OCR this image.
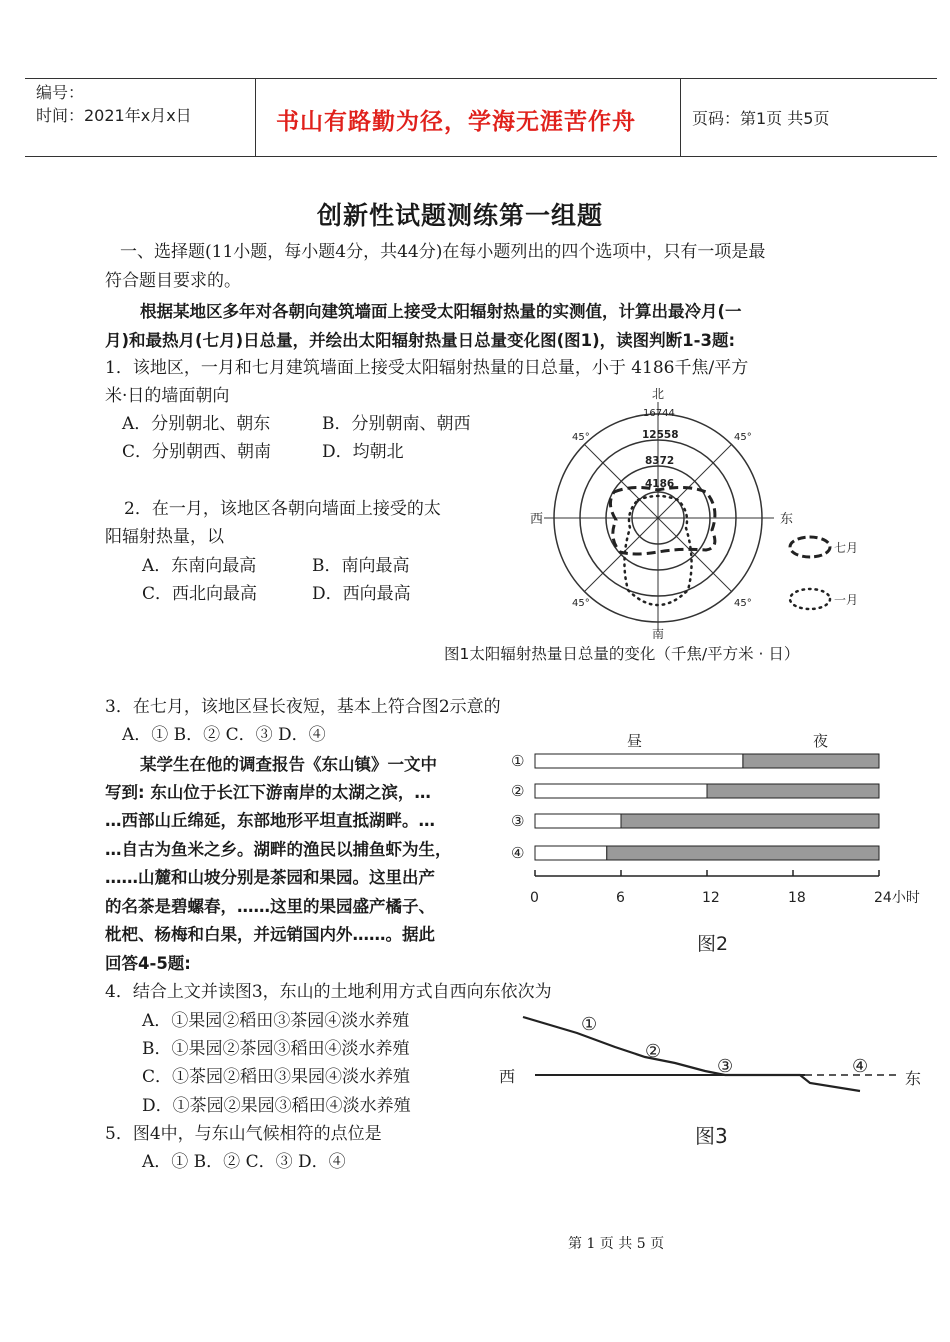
编号：
时间：2021年x月x日	书山有路勤为径，学海无涯苦作舟	页码：第1页 共5页
创新性试题测练第一组题
一、选择题(11小题，每小题4分，共44分)在每小题列出的四个选项中，只有一项是最
符合题目要求的。
根据某地区多年对各朝向建筑墙面上接受太阳辐射热量的实测值，计算出最冷月(一
月)和最热月(七月)日总量，并绘出太阳辐射热量日总量变化图(图1)，读图判断1-3题:
1．该地区，一月和七月建筑墙面上接受太阳辐射热量的日总量，小于 4186千焦/平方
米·日的墙面朝向
A．分别朝北、朝东	B．分别朝南、朝西
C．分别朝西、朝南	D．均朝北
2．在一月，该地区各朝向墙面上接受的太
阳辐射热量，以
A．东南向最高	B．南向最高
C．西北向最高	D．西向最高
北
南
西	东
16744
12558
8372
4186
45°	45°
45°	45°
七月
一月
图1太阳辐射热量日总量的变化（千焦/平方米 · 日）
3．在七月，该地区昼长夜短，基本上符合图2示意的
A．① B．② C．③ D．④
某学生在他的调查报告《东山镇》一文中
写到: 东山位于长江下游南岸的太湖之滨，…
…西部山丘绵延，东部地形平坦直抵湖畔。…
…自古为鱼米之乡。湖畔的渔民以捕鱼虾为生，
……山麓和山坡分别是茶园和果园。这里出产
的名茶是碧螺春，……这里的果园盛产橘子、
枇杷、杨梅和白果，并远销国内外……。据此
回答4-5题:
昼	夜
①
②
③
④
0	6	12	18	24小时
图2
4．结合上文并读图3，东山的土地利用方式自西向东依次为
A．①果园②稻田③茶园④淡水养殖
B．①果园②茶园③稻田④淡水养殖
C．①茶园②稻田③果园④淡水养殖
D．①茶园②果园③稻田④淡水养殖
西	东
①
②
③	④
图3
5．图4中，与东山气候相符的点位是
A．① B．② C．③ D．④
第 1 页 共 5 页
